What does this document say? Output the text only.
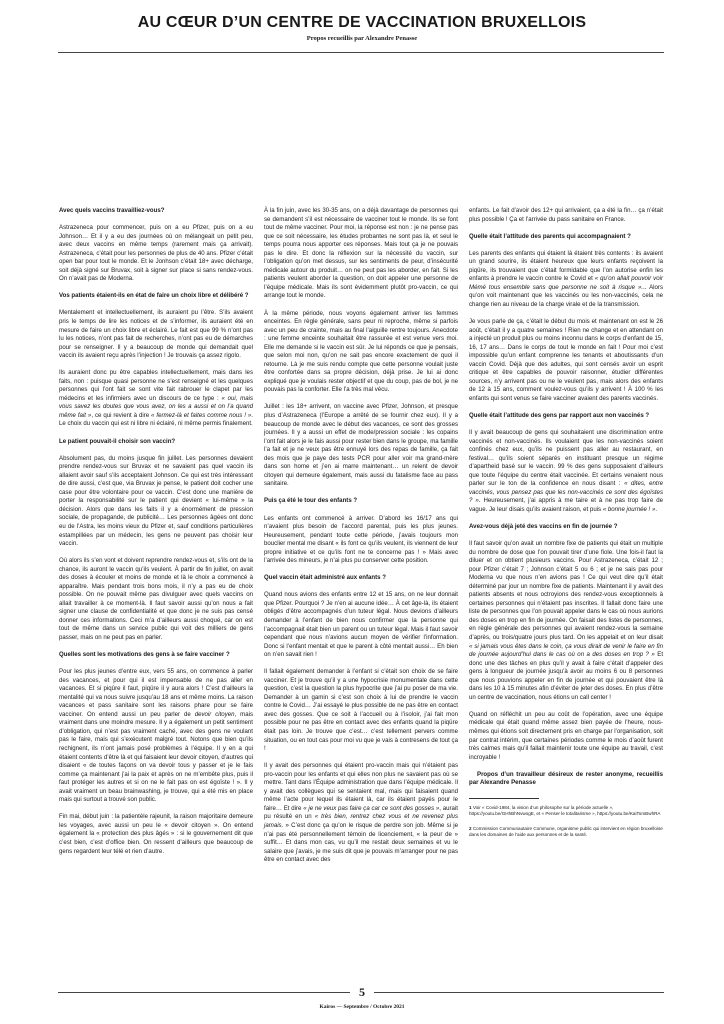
AU CŒUR D’UN CENTRE DE VACCINATION BRUXELLOIS
Propos recueillis par Alexandre Penasse
Avec quels vaccins travailliez-vous?

Astrazeneca pour commencer, puis on a eu Pfizer, puis on a eu Johnson… Et il y a eu des journées où on mélangeait un petit peu, avec deux vaccins en même temps (rarement mais ça arrivait). Astrazeneca, c’était pour les personnes de plus de 40 ans. Pfizer c’était open bar pour tout le monde. Et le Jonhson c’était 18+ avec décharge, soit déjà signé sur Bruvax, soit à signer sur place si sans rendez-vous. On n’avait pas de Moderna.

Vos patients étaient-ils en état de faire un choix libre et délibéré ?

Mentalement et intellectuellement, ils auraient pu l’être. S’ils avaient pris le temps de lire les notices et de s’informer, ils auraient été en mesure de faire un choix libre et éclairé. Le fait est que 99 % n’ont pas lu les notices, n’ont pas fait de recherches, n’ont pas eu de démarches pour se renseigner. Il y a beaucoup de monde qui demandait quel vaccin ils avaient reçu après l’injection ! Je trouvais ça assez rigolo.

Ils auraient donc pu être capables intellectuellement, mais dans les faits, non : puisque quasi personne ne s’est renseigné et les quelques personnes qui l’ont fait se sont vite fait rabrouer le clapet par les médecins et les infirmiers avec un discours de ce type : « oui, mais vous savez les doutes que vous avez, on les a aussi et on l’a quand même fait », ce qui revient à dire « fermez-là et faites comme nous ! ». Le choix du vaccin qui est ni libre ni éclairé, ni même permis finalement.

Le patient pouvait-il choisir son vaccin?

Absolument pas, du moins jusque fin juillet. Les personnes devaient prendre rendez-vous sur Bruvax et ne savaient pas quel vaccin ils allaient avoir sauf s’ils acceptaient Johnson. Ce qui est très intéressant de dire aussi, c’est que, via Bruvax je pense, le patient doit cocher une case pour être volontaire pour ce vaccin. C’est donc une manière de porter la responsabilité sur le patient qui devient « lui-même » la décision. Alors que dans les faits il y a énormément de pression sociale, de propagande, de publicité… Les personnes âgées ont donc eu de l’Astra, les moins vieux du Pfizer et, sauf conditions particulières estampillées par un médecin, les gens ne peuvent pas choisir leur vaccin.

Où alors ils s’en vont et doivent reprendre rendez-vous et, s’ils ont de la chance, ils auront le vaccin qu’ils veulent. À partir de fin juillet, on avait des doses à écouler et moins de monde et là le choix a commencé à apparaître. Mais pendant trois bons mois, il n’y a pas eu de choix possible. On ne pouvait même pas divulguer avec quels vaccins on allait travailler à ce moment-là. Il faut savoir aussi qu’on nous a fait signer une clause de confidentialité et que donc je ne suis pas censé donner ces informations. Ceci m’a d’ailleurs aussi choqué, car on est tout de même dans un service public qui voit des milliers de gens passer, mais on ne peut pas en parler.

Quelles sont les motivations des gens à se faire vacciner ?

Pour les plus jeunes d’entre eux, vers 55 ans, on commence à parler des vacances, et pour qui il est impensable de ne pas aller en vacances. Et si piqûre il faut, piqûre il y aura alors ! C’est d’ailleurs la mentalité qui va nous suivre jusqu’au 18 ans et même moins. La raison vacances et pass sanitaire sont les raisons phare pour se faire vacciner. On entend aussi un peu parler de devoir citoyen, mais vraiment dans une moindre mesure. Il y a également un petit sentiment d’obligation, qui n’est pas vraiment caché, avec des gens ne voulant pas le faire, mais qui s’exécutent malgré tout. Notons que bien qu’ils rechignent, ils n’ont jamais posé problèmes à l’équipe. Il y en a qui étaient contents d’être là et qui faisaient leur devoir citoyen, d’autres qui disaient « de toutes façons on va devoir tous y passer et je le fais comme ça maintenant j’ai la paix et après on ne m’embête plus, puis il faut protéger les autres et si on ne le fait pas on est égoïste ! ». Il y avait vraiment un beau brainwashing, je trouve, qui a été mis en place mais qui surtout a trouvé son public.

Fin mai, début juin : la patientèle rajeunit, la raison majoritaire demeure les voyages, avec aussi un peu le « devoir citoyen ». On entend également la « protection des plus âgés » : si le gouvernement dit que c’est bien, c’est d’office bien. On ressent d’ailleurs que beaucoup de gens regardent leur télé et rien d’autre.

À la fin juin, avec les 30-35 ans, on a déjà davantage de personnes qui se demandent s’il est nécessaire de vacciner tout le monde. Ils se font tout de même vacciner. Pour moi, la réponse est non : je ne pense pas que ce soit nécessaire, les études probantes ne sont pas là, et seul le temps pourra nous apporter ces réponses. Mais tout ça je ne pouvais pas le dire. Et donc la réflexion sur la nécessité du vaccin, sur l’obligation qu’on met dessus, sur les sentiments de peur, d’insécurité médicale autour du produit… on ne peut pas les aborder, en fait. Si les patients veulent aborder la question, on doit appeler une personne de l’équipe médicale. Mais ils sont évidemment plutôt pro-vaccin, ce qui arrange tout le monde.

À la même période, nous voyons également arriver les femmes enceintes. En règle générale, sans peur ni reproche, même si parfois avec un peu de crainte, mais au final l’aiguille rentre toujours. Anecdote : une femme enceinte souhaitait être rassurée et est venue vers moi. Elle me demande si le vaccin est sûr. Je lui réponds ce que je pensais, que selon moi non, qu’on ne sait pas encore exactement de quoi il retourne. Là je me suis rendu compte que cette personne voulait juste être confortée dans sa propre décision, déjà prise. Je lui ai donc expliqué que je voulais rester objectif et que du coup, pas de bol, je ne pouvais pas la conforter. Elle l’a très mal vécu.

Juillet : les 18+ arrivent, on vaccine avec Pfizer, Johnson, et presque plus d’Astrazeneca (l’Europe a arrêté de se fournir chez eux). Il y a beaucoup de monde avec le début des vacances, ce sont des grosses journées. Il y a aussi un effet de mode/pression sociale : les copains l’ont fait alors je le fais aussi pour rester bien dans le groupe, ma famille l’a fait et je ne veux pas être ennuyé lors des repas de famille, ça fait des mois que je paye des tests PCR pour aller voir ma grand-mère dans son home et j’en ai marre maintenant… un relent de devoir citoyen qui demeure également, mais aussi du fatalisme face au pass sanitaire.

Puis ça été le tour des enfants ?

Les enfants ont commencé à arriver. D’abord les 16/17 ans qui n’avaient plus besoin de l’accord parental, puis les plus jeunes. Heureusement, pendant toute cette période, j’avais toujours mon bouclier mental me disant « ils font ce qu’ils veulent, ils viennent de leur propre initiative et ce qu’ils font ne te concerne pas ! » Mais avec l’arrivée des mineurs, je n’ai plus pu conserver cette position.

Quel vaccin était administré aux enfants ?

Quand nous avions des enfants entre 12 et 15 ans, on ne leur donnait que Pfizer. Pourquoi ? Je n’en ai aucune idée… À cet âge-là, ils étaient obligés d’être accompagnés d’un tuteur légal. Nous devions d’ailleurs demander à l’enfant de bien nous confirmer que la personne qui l’accompagnait était bien un parent ou un tuteur légal. Mais il faut savoir cependant que nous n’avions aucun moyen de vérifier l’information. Donc si l’enfant mentait et que le parent à côté mentait aussi… Eh bien on n’en savait rien !

Il fallait également demander à l’enfant si c’était son choix de se faire vacciner. Et je trouve qu’il y a une hypocrisie monumentale dans cette question, c’est la question la plus hypocrite que j’ai pu poser de ma vie. Demander à un gamin si c’est son choix à lui de prendre le vaccin contre le Covid… J’ai essayé le plus possible de ne pas être en contact avec des gosses. Que ce soit à l’accueil ou à l’isoloir, j’ai fait mon possible pour ne pas être en contact avec des enfants quand la piqûre était pas loin. Je trouve que c’est… c’est tellement pervers comme situation, ou en tout cas pour moi vu que je vais à contresens de tout ça !

Il y avait des personnes qui étaient pro-vaccin mais qui n’étaient pas pro-vaccin pour les enfants et qui elles non plus ne savaient pas où se mettre. Tant dans l’Équipe administration que dans l’équipe médicale. Il y avait des collègues qui se sentaient mal, mais qui faisaient quand même l’acte pour lequel ils étaient là, car ils étaient payés pour le faire… Et dire « je ne veux pas faire ça car ce sont des gosses », aurait pu résulté en un « très bien, rentrez chez vous et ne revenez plus jamais. » C’est donc ça qu’on le risque de perdre son job. Même si je n’ai pas été personnellement témoin de licenciement, « la peur de » suffit… Et dans mon cas, vu qu’il me restait deux semaines et vu le salaire que j’avais, je me suis dit que je pouvais m’arranger pour ne pas être en contact avec des

enfants. Le fait d’avoir des 12+ qui arrivaient, ça a été la fin… ça n’était plus possible ! Ça et l’arrivée du pass sanitaire en France.

Quelle était l’attitude des parents qui accompagnaient ?

Les parents des enfants qui étaient là étaient très contents : ils avaient un grand sourire, ils étaient heureux que leurs enfants reçoivent la piqûre, ils trouvaient que c’était formidable que l’on autorise enfin les enfants à prendre le vaccin contre le Covid et « qu’on allait pouvoir voir Mémé tous ensemble sans que personne ne soit à risque »... Alors qu’on voit maintenant que les vaccinés ou les non-vaccinés, cela ne change rien au niveau de la charge virale et de la transmission.

Je vous parle de ça, c’était le début du mois et maintenant on est le 26 août, c’était il y a quatre semaines ! Rien ne change et en attendant on a injecté un produit plus ou moins inconnu dans le corps d’enfant de 15, 16, 17 ans… Dans le corps de tout le monde en fait ! Pour moi c’est impossible qu’un enfant comprenne les tenants et aboutissants d’un vaccin Covid. Déjà que des adultes, qui sont censés avoir un esprit critique et être capables de pouvoir raisonner, étudier différentes sources, n’y arrivent pas ou ne le veulent pas, mais alors des enfants de 12 à 15 ans, comment voulez-vous qu’ils y arrivent ! À 100 % les enfants qui sont venus se faire vacciner avaient des parents vaccinés.

Quelle était l’attitude des gens par rapport aux non vaccinés ?

Il y avait beaucoup de gens qui souhaitaient une discrimination entre vaccinés et non-vaccinés. Ils voulaient que les non-vaccinés soient confinés chez eux, qu’ils ne puissent pas aller au restaurant, en festival… qu’ils soient séparés en instituant presque un régime d’apartheid basé sur le vaccin. 99 % des gens supposaient d’ailleurs que toute l’équipe du centre était vaccinée. Et certains venaient nous parler sur le ton de la confidence en nous disant : « dites, entre vaccinés, vous pensez pas que les non-vaccinés ce sont des égoïstes ? ». Heureusement, j’ai appris à me taire et à ne pas trop faire de vague. Je leur disais qu’ils avaient raison, et puis « bonne journée ! ».

Avez-vous déjà jeté des vaccins en fin de journée ?

Il faut savoir qu’on avait un nombre fixe de patients qui était un multiple du nombre de dose que l’on pouvait tirer d’une fiole. Une fois-il faut la diluer et on obtient plusieurs vaccins. Pour Astrazeneca, c’était 12 ; pour Pfizer c’était 7 ; Johnson c’était 5 ou 6 ; et je ne sais pas pour Moderna vu que nous n’en avions pas ! Ce qui veut dire qu’il était déterminé par jour un nombre fixe de patients. Maintenant il y avait des patients absents et nous octroyions des rendez-vous exceptionnels à certaines personnes qui n’étaient pas inscrites. Il fallait donc faire une liste de personnes que l’on pouvait appeler dans le cas où nous aurions des doses en trop en fin de journée. On faisait des listes de personnes, en règle générale des personnes qui avaient rendez-vous la semaine d’après, ou trois/quatre jours plus tard. On les appelait et on leur disait « si jamais vous êtes dans le coin, ça vous dirait de venir le faire en fin de journée aujourd’hui dans le cas où on a des doses en trop ? » Et donc une des tâches en plus qu’il y avait à faire c’était d’appeler des gens à longueur de journée jusqu’à avoir au moins 6 ou 8 personnes que nous pouvions appeler en fin de journée et qui pouvaient être là dans les 10 à 15 minutes afin d’éviter de jeter des doses. En plus d’être un centre de vaccination, nous étions un call center !

Quand on réfléchit un peu au coût de l’opération, avec une équipe médicale qui était quand même assez bien payée de l’heure, nous-mêmes qui étions soit directement pris en charge par l’organisation, soit par contrat intérim, que certaines périodes comme le mois d’août furent très calmes mais qu’il fallait maintenir toute une équipe au travail, c’est incroyable !

Propos d’un travailleur désireux de rester anonyme, recueillis par Alexandre Penasse

1 Voir « Covid-1984, la vision d’un philosophe sur la période actuelle », https://youtu.be/GHhBhNvwogE, et « Penser le totalitarisme », https://youtu.be/KaiTomBwhRA

2 Commission Communautaire Commune, organisme public qui intervient en région bruxelloise dans les domaines de l’aide aux personnes et de la santé.

5
Kairos — Septembre / Octobre 2021
